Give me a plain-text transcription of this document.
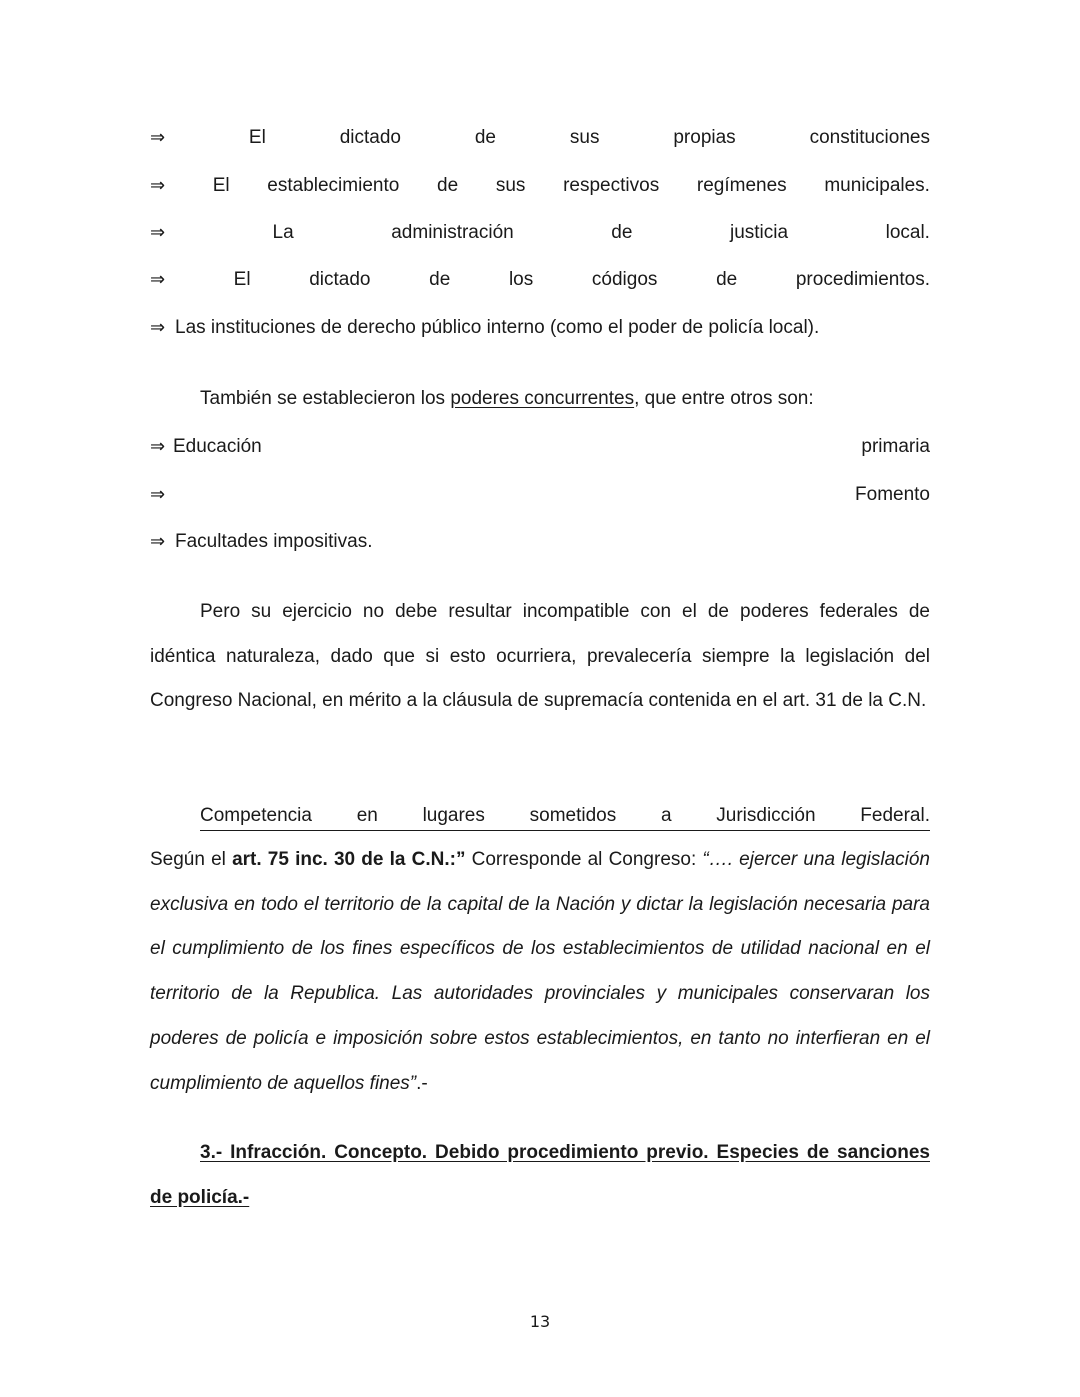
⇒	El	dictado	de	sus	propias	constituciones
⇒	El establecimiento de sus respectivos regímenes municipales.
⇒	La	administración	de	justicia	local.
⇒	El	dictado	de	los	códigos	de	procedimientos.
⇒ Las instituciones de derecho público interno (como el poder de policía local).

También se establecieron los poderes concurrentes, que entre otros son:

⇒ Educación	primaria
⇒	Fomento
⇒ Facultades impositivas.

Pero su ejercicio no debe resultar incompatible con el de poderes federales de idéntica naturaleza, dado que si esto ocurriera, prevalecería siempre la legislación del Congreso Nacional, en mérito a la cláusula de supremacía contenida en el art. 31 de la C.N.

Competencia en lugares sometidos a Jurisdicción Federal.

Según el art. 75 inc. 30 de la C.N.:” Corresponde al Congreso: “…. ejercer una legislación exclusiva en todo el territorio de la capital de la Nación y dictar la legislación necesaria para el cumplimiento de los fines específicos de los establecimientos de utilidad nacional en el territorio de la Republica. Las autoridades provinciales y municipales conservaran los poderes de policía e imposición sobre estos establecimientos, en tanto no interfieran en el cumplimiento de aquellos fines”.-

3.- Infracción. Concepto. Debido procedimiento previo. Especies de sanciones de policía.-

13
